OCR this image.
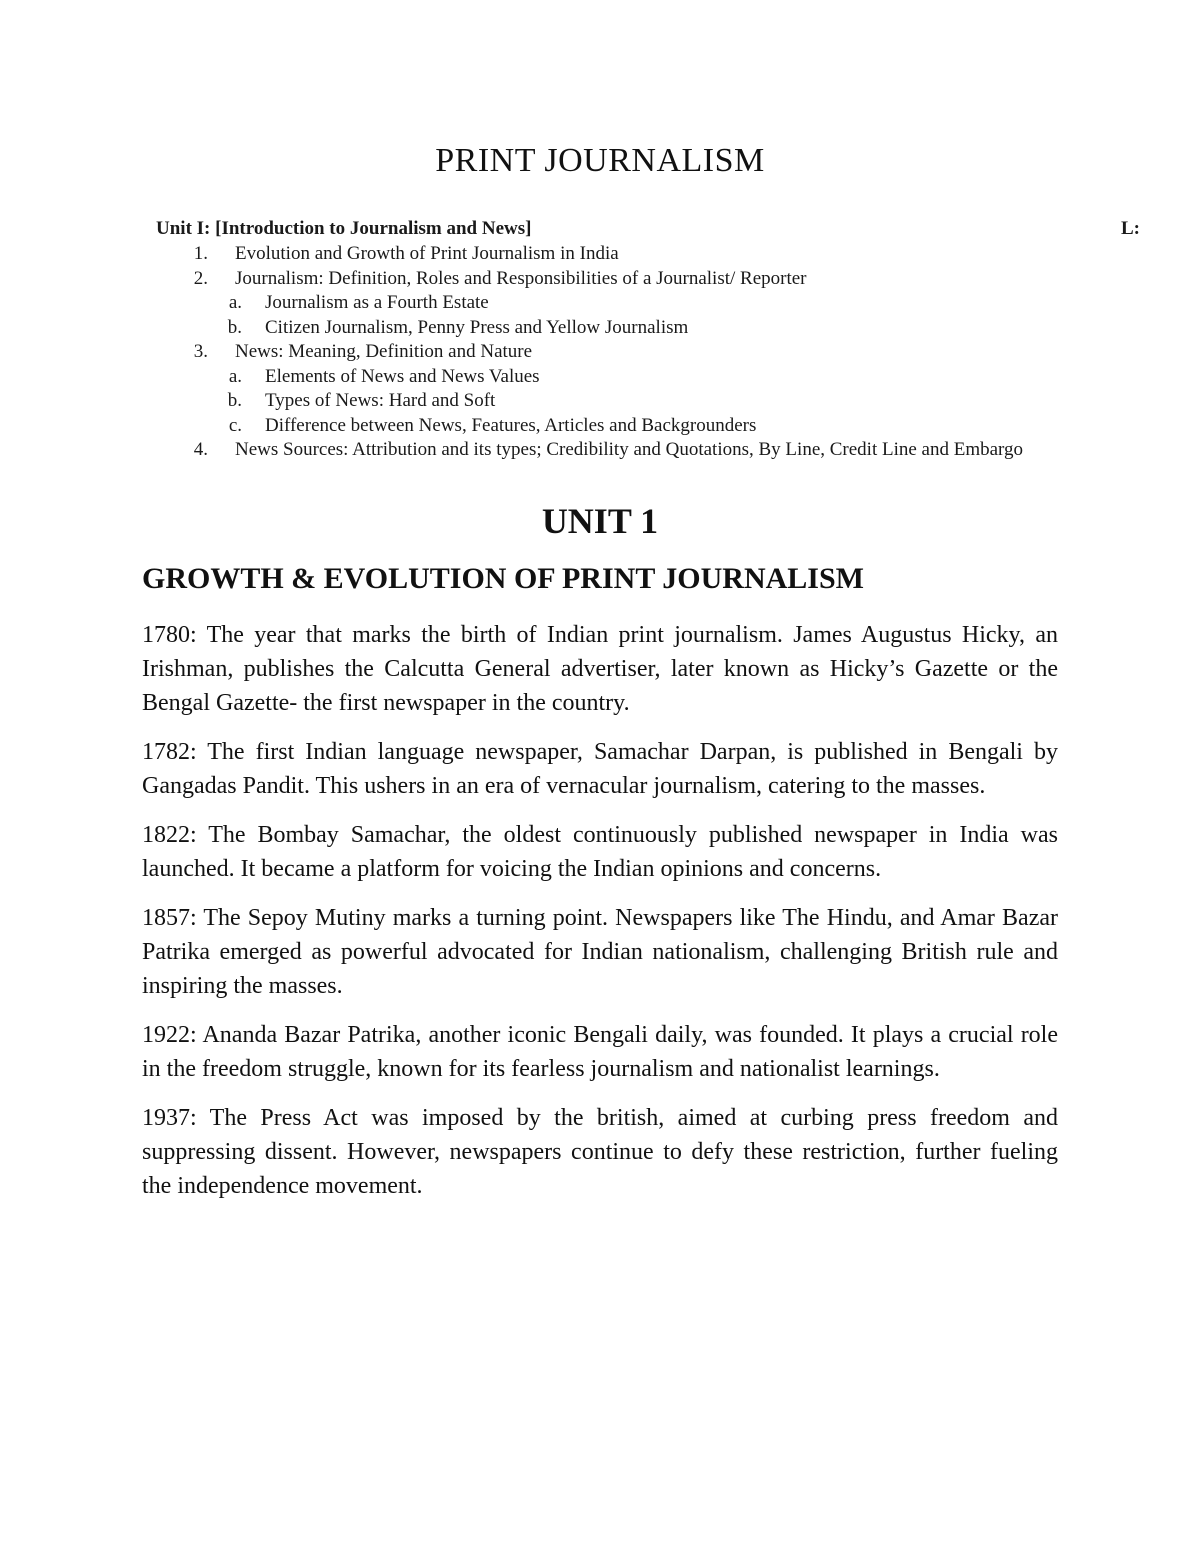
PRINT JOURNALISM
Unit I: [Introduction to Journalism and News]	L:
1.	Evolution and Growth of Print Journalism in India
2.	Journalism: Definition, Roles and Responsibilities of a Journalist/ Reporter
a.	Journalism as a Fourth Estate
b.	Citizen Journalism, Penny Press and Yellow Journalism
3.	News: Meaning, Definition and Nature
a.	Elements of News and News Values
b.	Types of News: Hard and Soft
c.	Difference between News, Features, Articles and Backgrounders
4.	News Sources: Attribution and its types; Credibility and Quotations, By Line, Credit Line and Embargo
UNIT 1
GROWTH & EVOLUTION OF PRINT JOURNALISM

1780: The year that marks the birth of Indian print journalism. James Augustus Hicky, an Irishman, publishes the Calcutta General advertiser, later known as Hicky’s Gazette or the Bengal Gazette- the first newspaper in the country.

1782: The first Indian language newspaper, Samachar Darpan, is published in Bengali by Gangadas Pandit. This ushers in an era of vernacular journalism, catering to the masses.

1822: The Bombay Samachar, the oldest continuously published newspaper in India was launched. It became a platform for voicing the Indian opinions and concerns.

1857: The Sepoy Mutiny marks a turning point. Newspapers like The Hindu, and Amar Bazar Patrika emerged as powerful advocated for Indian nationalism, challenging British rule and inspiring the masses.

1922: Ananda Bazar Patrika, another iconic Bengali daily, was founded. It plays a crucial role in the freedom struggle, known for its fearless journalism and nationalist learnings.

1937: The Press Act was imposed by the british, aimed at curbing press freedom and suppressing dissent. However, newspapers continue to defy these restriction, further fueling the independence movement.
